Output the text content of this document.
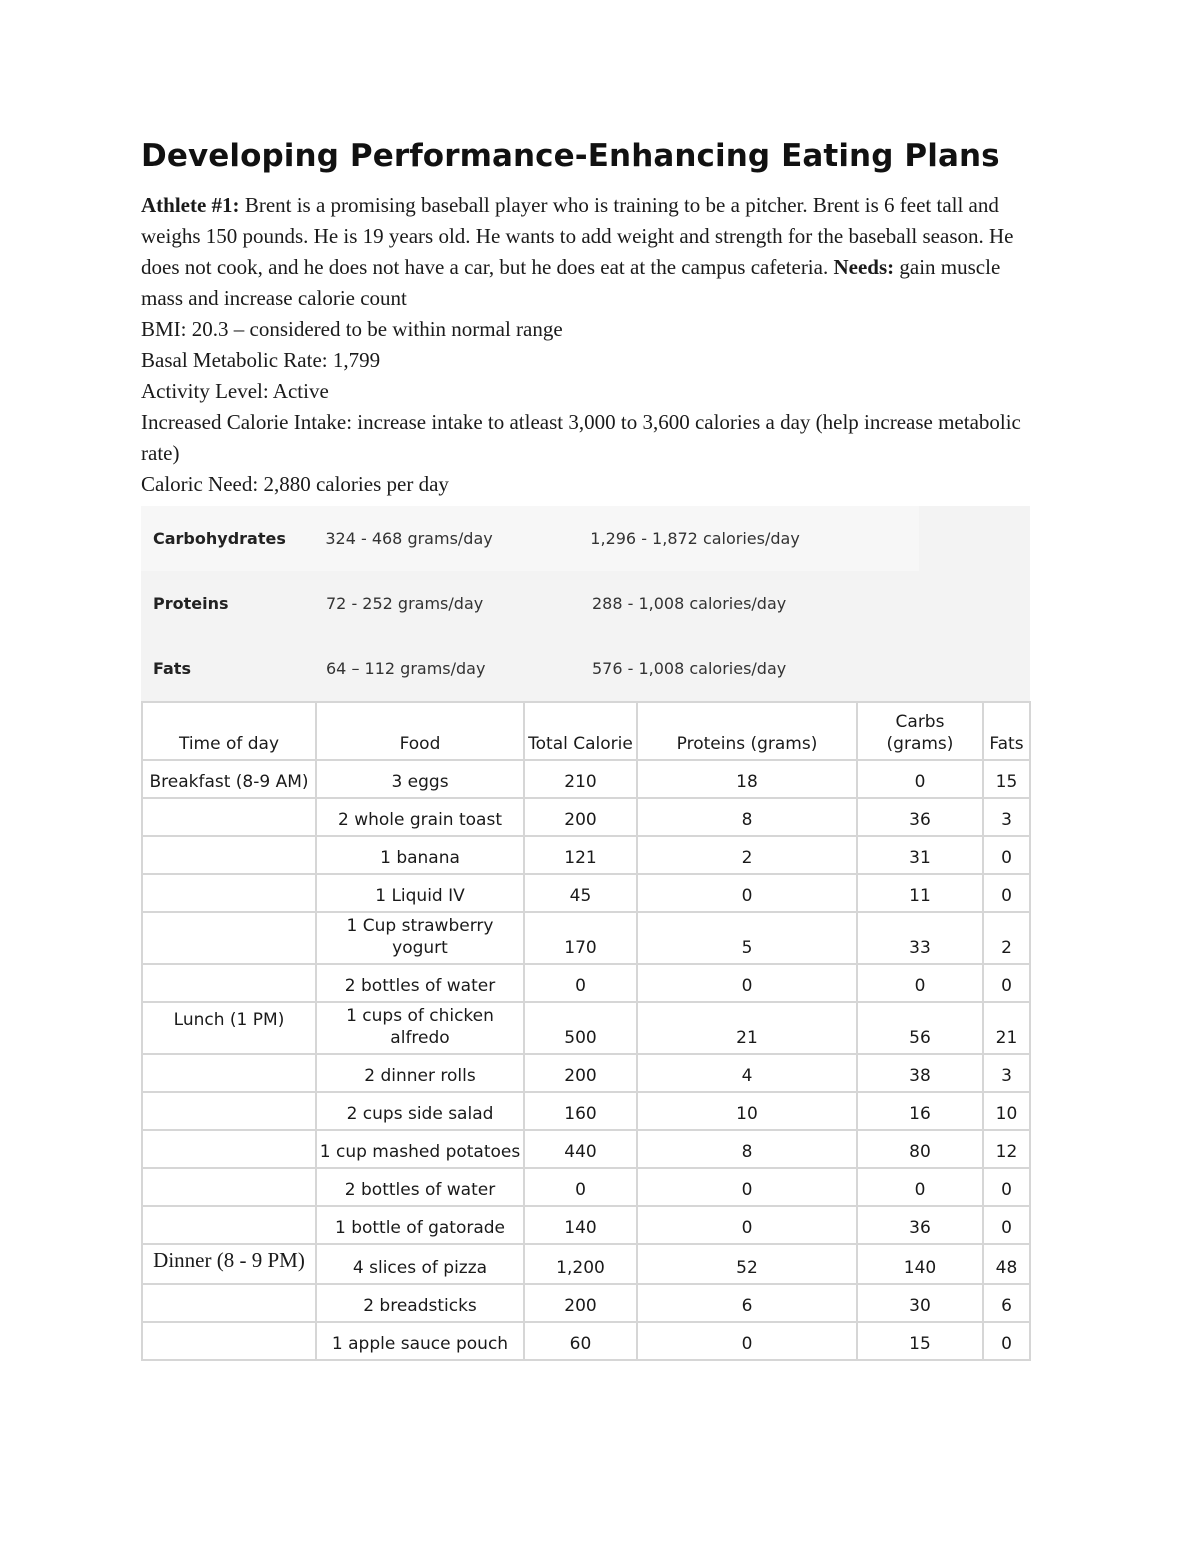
Developing Performance-Enhancing Eating Plans

Athlete #1: Brent is a promising baseball player who is training to be a pitcher. Brent is 6 feet tall and weighs 150 pounds. He is 19 years old. He wants to add weight and strength for the baseball season. He does not cook, and he does not have a car, but he does eat at the campus cafeteria. Needs: gain muscle mass and increase calorie count

BMI: 20.3 – considered to be within normal range

Basal Metabolic Rate: 1,799

Activity Level: Active

Increased Calorie Intake: increase intake to atleast 3,000 to 3,600 calories a day (help increase metabolic rate)

Caloric Need: 2,880 calories per day

Carbohydrates	324 - 468 grams/day	1,296 - 1,872 calories/day
Proteins	72 - 252 grams/day	288 - 1,008 calories/day
Fats	64 – 112 grams/day	576 - 1,008 calories/day
Time of day	Food	Total Calorie	Proteins (grams)	Carbs (grams)	Fats
Breakfast (8-9 AM)	3 eggs	210	18	0	15
	2 whole grain toast	200	8	36	3
	1 banana	121	2	31	0
	1 Liquid IV	45	0	11	0
	1 Cup strawberry yogurt	170	5	33	2
	2 bottles of water	0	0	0	0
Lunch (1 PM)	1 cups of chicken alfredo	500	21	56	21
	2 dinner rolls	200	4	38	3
	2 cups side salad	160	10	16	10
	1 cup mashed potatoes	440	8	80	12
	2 bottles of water	0	0	0	0
	1 bottle of gatorade	140	0	36	0
Dinner (8 - 9 PM)	4 slices of pizza	1,200	52	140	48
	2 breadsticks	200	6	30	6
	1 apple sauce pouch	60	0	15	0
